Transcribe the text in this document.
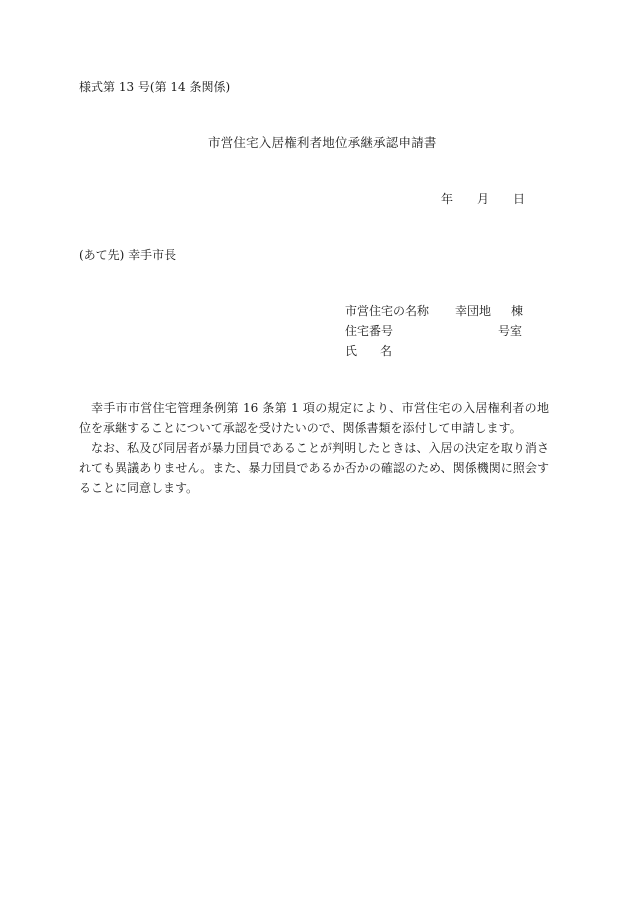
様式第 13 号(第 14 条関係)
市営住宅入居権利者地位承継承認申請書
年 月 日
(あて先) 幸手市長
市営住宅の名称 幸団地 棟
住宅番号	号室
氏 名

幸手市市営住宅管理条例第 16 条第 1 項の規定により、市営住宅の入居権利者の地位を承継することについて承認を受けたいので、関係書類を添付して申請します。

なお、私及び同居者が暴力団員であることが判明したときは、入居の決定を取り消されても異議ありません。また、暴力団員であるか否かの確認のため、関係機関に照会することに同意します。
